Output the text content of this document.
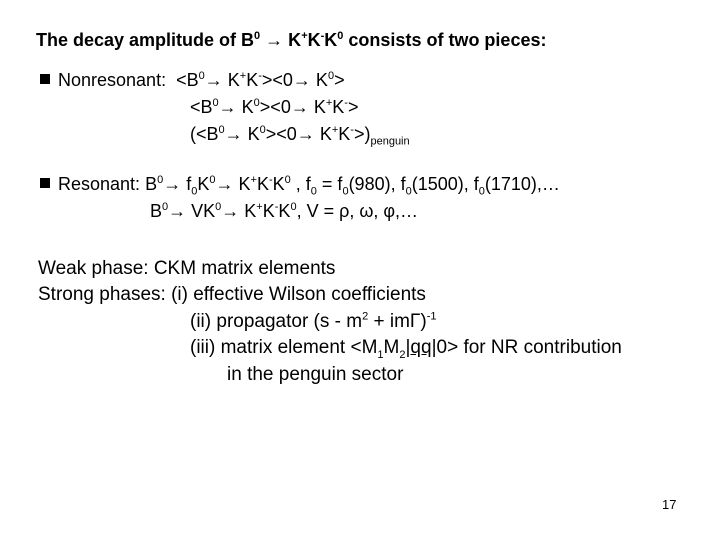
The decay amplitude of $B^0 \to K^+K^-K^0$ consists of two pieces:
Nonresonant: $<B^0\to K^+K^-><0\to K^0>$
$<B^0\to K^0><0\to K^+K^->$
$(<B^0\to K^0><0\to K^+K^->)_{penguin}$
Resonant: $B^0\to f_0K^0\to K^+K^-K^0$ , $f_0 = f_0(980)$, $f_0(1500)$, $f_0(1710),\dots$
$B^0\to VK^0\to K^+K^-K^0$, V = ρ, ω, φ,…
Weak phase: CKM matrix elements
Strong phases: (i) effective Wilson coefficients
(ii) propagator $(s - m^2 + im\Gamma)^{-1}$
(iii) matrix element $<M_1M_2|qq|0>$ for NR contribution
in the penguin sector
17
